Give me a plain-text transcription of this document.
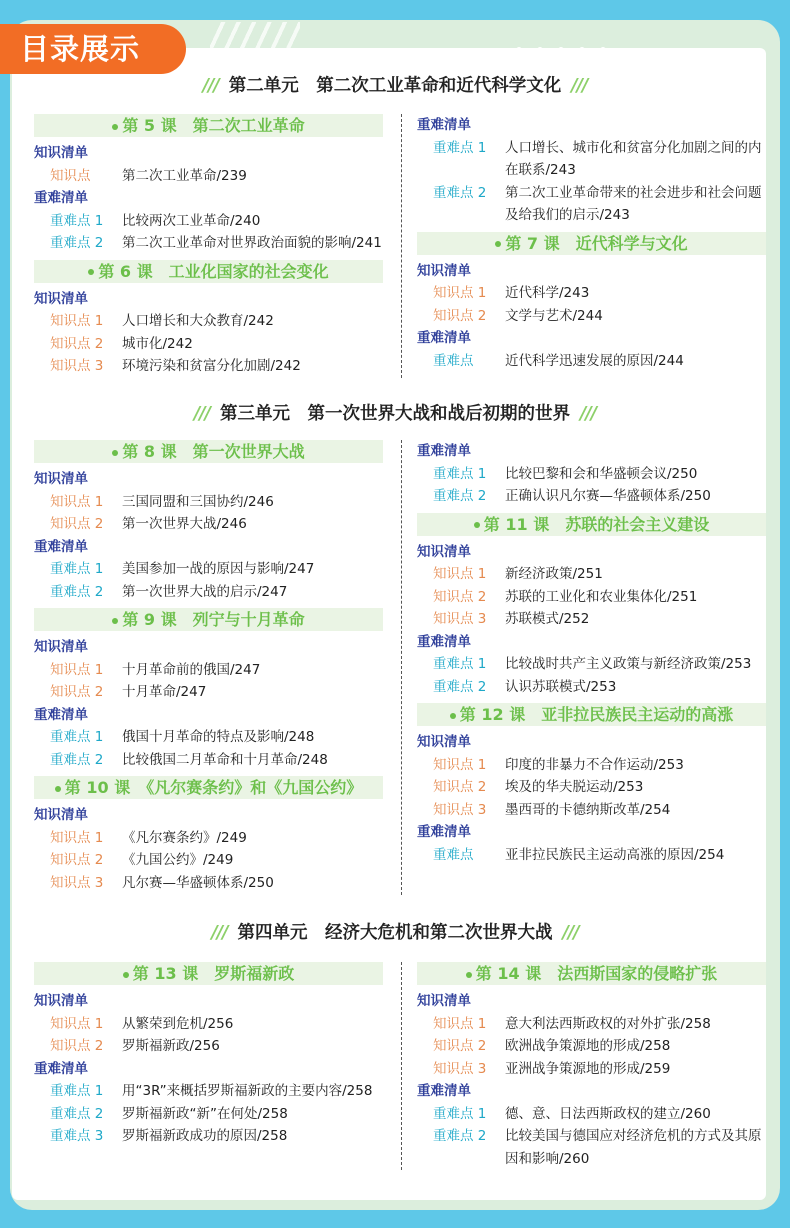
目录展示
/// 第二单元　第二次工业革命和近代科学文化 ///
第 5 课　第二次工业革命
知识清单
知识点	第二次工业革命/239
重难清单
重难点 1	比较两次工业革命/240
重难点 2	第二次工业革命对世界政治面貌的影响/241
第 6 课　工业化国家的社会变化
知识清单
知识点 1	人口增长和大众教育/242
知识点 2	城市化/242
知识点 3	环境污染和贫富分化加剧/242
重难清单
重难点 1	人口增长、城市化和贫富分化加剧之间的内在联系/243
重难点 2	第二次工业革命带来的社会进步和社会问题及给我们的启示/243
第 7 课　近代科学与文化
知识清单
知识点 1	近代科学/243
知识点 2	文学与艺术/244
重难清单
重难点	近代科学迅速发展的原因/244
/// 第三单元　第一次世界大战和战后初期的世界 ///
第 8 课　第一次世界大战
知识清单
知识点 1	三国同盟和三国协约/246
知识点 2	第一次世界大战/246
重难清单
重难点 1	美国参加一战的原因与影响/247
重难点 2	第一次世界大战的启示/247
第 9 课　列宁与十月革命
知识清单
知识点 1	十月革命前的俄国/247
知识点 2	十月革命/247
重难清单
重难点 1	俄国十月革命的特点及影响/248
重难点 2	比较俄国二月革命和十月革命/248
第 10 课　《凡尔赛条约》和《九国公约》
知识清单
知识点 1	《凡尔赛条约》/249
知识点 2	《九国公约》/249
知识点 3	凡尔赛—华盛顿体系/250
重难清单
重难点 1	比较巴黎和会和华盛顿会议/250
重难点 2	正确认识凡尔赛—华盛顿体系/250
第 11 课　苏联的社会主义建设
知识清单
知识点 1	新经济政策/251
知识点 2	苏联的工业化和农业集体化/251
知识点 3	苏联模式/252
重难清单
重难点 1	比较战时共产主义政策与新经济政策/253
重难点 2	认识苏联模式/253
第 12 课　亚非拉民族民主运动的高涨
知识清单
知识点 1	印度的非暴力不合作运动/253
知识点 2	埃及的华夫脱运动/253
知识点 3	墨西哥的卡德纳斯改革/254
重难清单
重难点	亚非拉民族民主运动高涨的原因/254
/// 第四单元　经济大危机和第二次世界大战 ///
第 13 课　罗斯福新政
知识清单
知识点 1	从繁荣到危机/256
知识点 2	罗斯福新政/256
重难清单
重难点 1	用“3R”来概括罗斯福新政的主要内容/258
重难点 2	罗斯福新政“新”在何处/258
重难点 3	罗斯福新政成功的原因/258
第 14 课　法西斯国家的侵略扩张
知识清单
知识点 1	意大利法西斯政权的对外扩张/258
知识点 2	欧洲战争策源地的形成/258
知识点 3	亚洲战争策源地的形成/259
重难清单
重难点 1	德、意、日法西斯政权的建立/260
重难点 2	比较美国与德国应对经济危机的方式及其原因和影响/260
